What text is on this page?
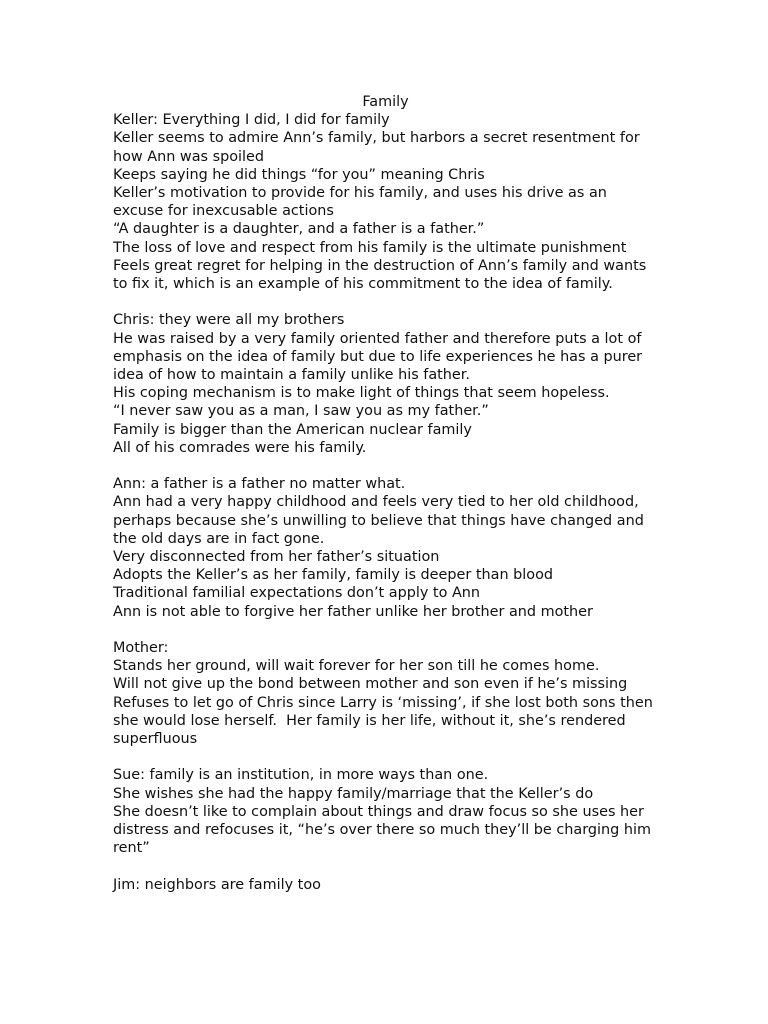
Family
Keller: Everything I did, I did for family
Keller seems to admire Ann’s family, but harbors a secret resentment for how Ann was spoiled
Keeps saying he did things “for you” meaning Chris
Keller’s motivation to provide for his family, and uses his drive as an excuse for inexcusable actions
“A daughter is a daughter, and a father is a father.”
The loss of love and respect from his family is the ultimate punishment
Feels great regret for helping in the destruction of Ann’s family and wants to fix it, which is an example of his commitment to the idea of family.
Chris: they were all my brothers
He was raised by a very family oriented father and therefore puts a lot of emphasis on the idea of family but due to life experiences he has a purer idea of how to maintain a family unlike his father.
His coping mechanism is to make light of things that seem hopeless.
“I never saw you as a man, I saw you as my father.”
Family is bigger than the American nuclear family
All of his comrades were his family.
Ann: a father is a father no matter what.
Ann had a very happy childhood and feels very tied to her old childhood, perhaps because she’s unwilling to believe that things have changed and the old days are in fact gone.
Very disconnected from her father’s situation
Adopts the Keller’s as her family, family is deeper than blood
Traditional familial expectations don’t apply to Ann
Ann is not able to forgive her father unlike her brother and mother
Mother:
Stands her ground, will wait forever for her son till he comes home.
Will not give up the bond between mother and son even if he’s missing
Refuses to let go of Chris since Larry is ‘missing’, if she lost both sons then she would lose herself.  Her family is her life, without it, she’s rendered superfluous
Sue: family is an institution, in more ways than one.
She wishes she had the happy family/marriage that the Keller’s do
She doesn’t like to complain about things and draw focus so she uses her distress and refocuses it, “he’s over there so much they’ll be charging him rent”
Jim: neighbors are family too
